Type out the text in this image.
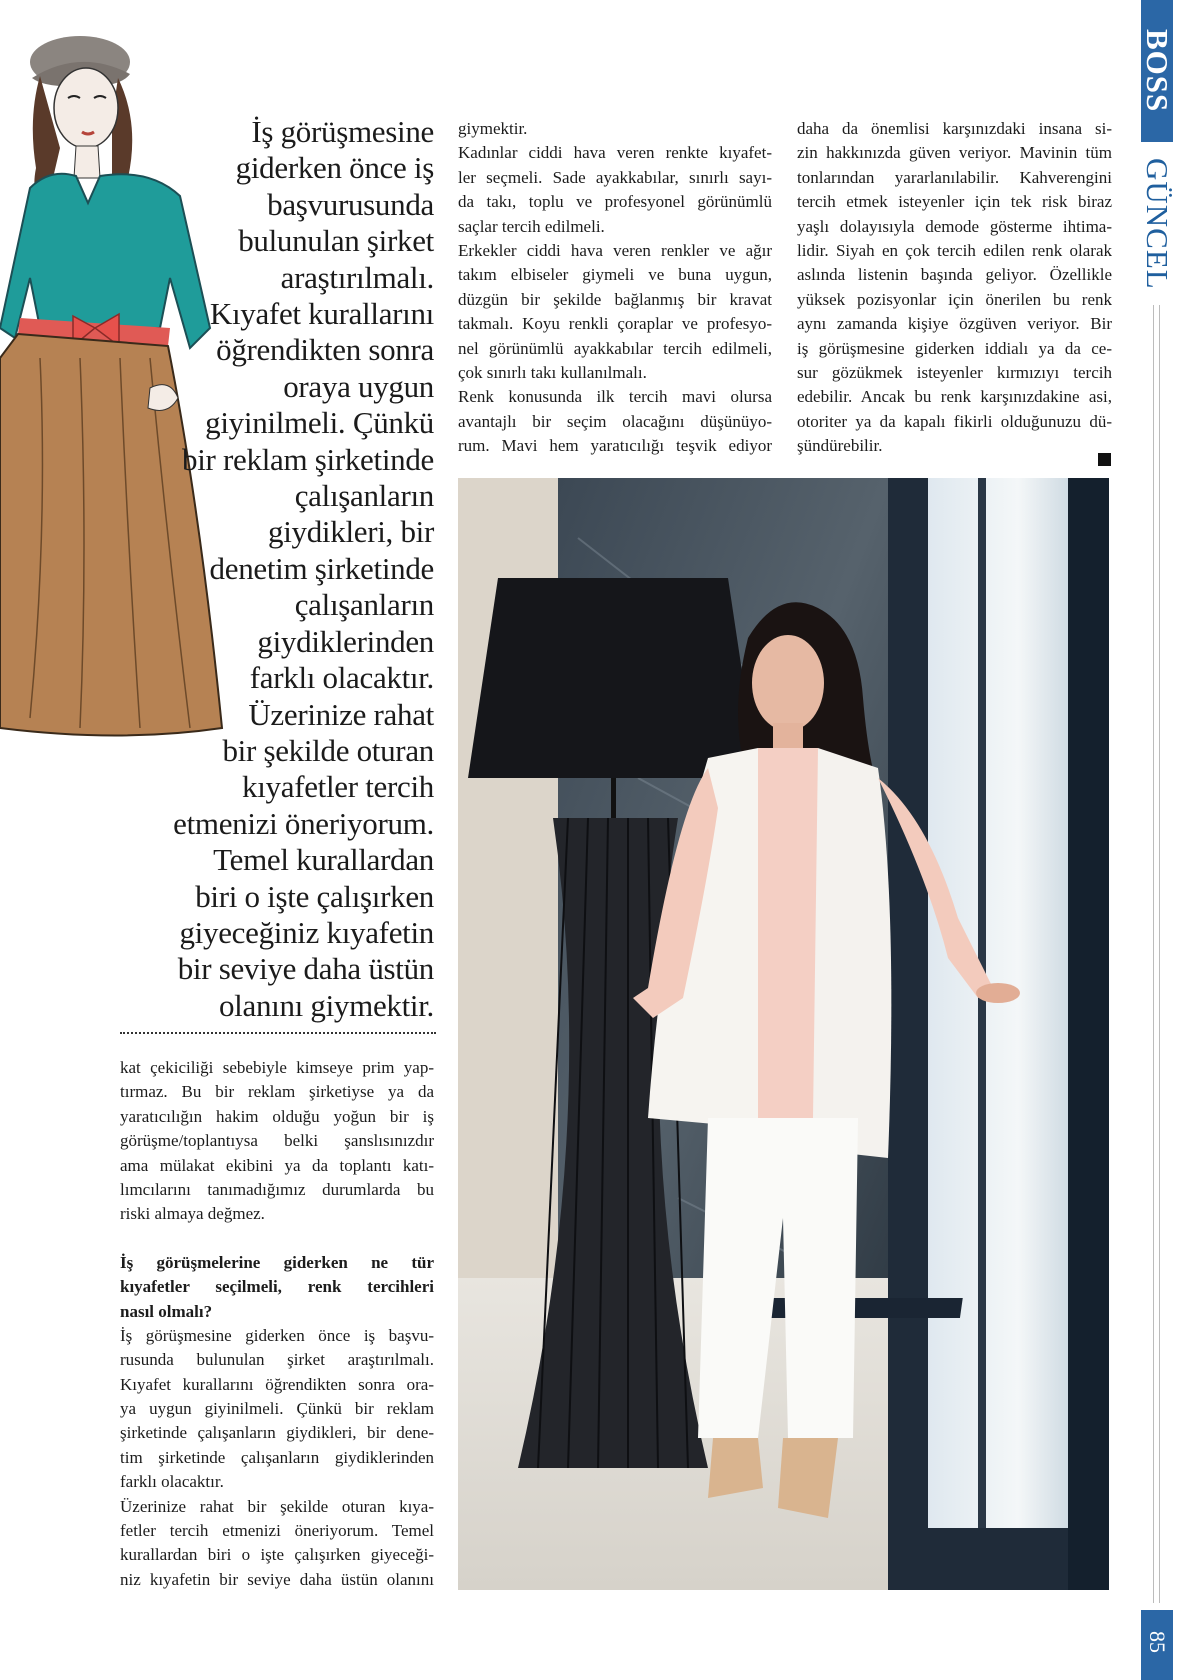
İş görüşmesine
giderken önce iş
başvurusunda
bulunulan şirket
araştırılmalı.
Kıyafet kurallarını
öğrendikten sonra
oraya uygun
giyinilmeli. Çünkü
bir reklam şirketinde
çalışanların
giydikleri, bir
denetim şirketinde
çalışanların
giydiklerinden
farklı olacaktır.
Üzerinize rahat
bir şekilde oturan
kıyafetler tercih
etmenizi öneriyorum.
Temel kurallardan
biri o işte çalışırken
giyeceğiniz kıyafetin
bir seviye daha üstün
olanını giymektir.

kat çekiciliği sebebiyle kimseye prim yap-
tırmaz. Bu bir reklam şirketiyse ya da
yaratıcılığın hakim olduğu yoğun bir iş
görüşme/toplantıysa belki şanslısınızdır
ama mülakat ekibini ya da toplantı katı-
lımcılarını tanımadığımız durumlarda bu
riski almaya değmez.

İş görüşmelerine giderken ne tür
kıyafetler seçilmeli, renk tercihleri
nasıl olmalı?

İş görüşmesine giderken önce iş başvu-
rusunda bulunulan şirket araştırılmalı.
Kıyafet kurallarını öğrendikten sonra ora-
ya uygun giyinilmeli. Çünkü bir reklam
şirketinde çalışanların giydikleri, bir dene-
tim şirketinde çalışanların giydiklerinden
farklı olacaktır.

Üzerinize rahat bir şekilde oturan kıya-
fetler tercih etmenizi öneriyorum. Temel
kurallardan biri o işte çalışırken giyeceği-
niz kıyafetin bir seviye daha üstün olanını

giymektir.

Kadınlar ciddi hava veren renkte kıyafet-
ler seçmeli. Sade ayakkabılar, sınırlı sayı-
da takı, toplu ve profesyonel görünümlü
saçlar tercih edilmeli.

Erkekler ciddi hava veren renkler ve ağır
takım elbiseler giymeli ve buna uygun,
düzgün bir şekilde bağlanmış bir kravat
takmalı. Koyu renkli çoraplar ve profesyo-
nel görünümlü ayakkabılar tercih edilmeli,
çok sınırlı takı kullanılmalı.

Renk konusunda ilk tercih mavi olursa
avantajlı bir seçim olacağını düşünüyo-
rum. Mavi hem yaratıcılığı teşvik ediyor

daha da önemlisi karşınızdaki insana si-
zin hakkınızda güven veriyor. Mavinin tüm
tonlarından yararlanılabilir. Kahverengini
tercih etmek isteyenler için tek risk biraz
yaşlı dolayısıyla demode gösterme ihtima-
lidir. Siyah en çok tercih edilen renk olarak
aslında listenin başında geliyor. Özellikle
yüksek pozisyonlar için önerilen bu renk
aynı zamanda kişiye özgüven veriyor. Bir
iş görüşmesine giderken iddialı ya da ce-
sur gözükmek isteyenler kırmızıyı tercih
edebilir. Ancak bu renk karşınızdakine asi,
otoriter ya da kapalı fikirli olduğunuzu dü-
şündürebilir.

BOSS
GÜNCEL
85
